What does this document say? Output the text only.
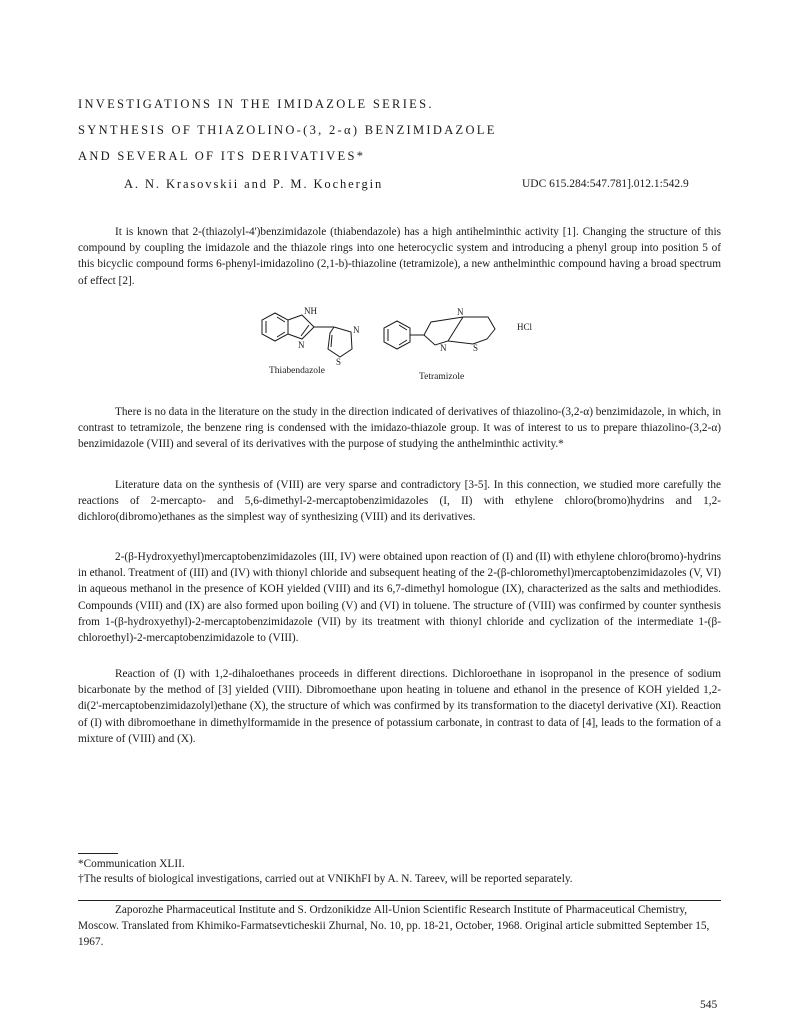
INVESTIGATIONS IN THE IMIDAZOLE SERIES.
SYNTHESIS OF THIAZOLINO-(3, 2-α) BENZIMIDAZOLE
AND SEVERAL OF ITS DERIVATIVES*
A. N. Krasovskii and P. M. Kochergin	UDC 615.284:547.781].012.1:542.9

It is known that 2-(thiazolyl-4')benzimidazole (thiabendazole) has a high antihelminthic activity [1]. Changing the structure of this compound by coupling the imidazole and the thiazole rings into one heterocyclic system and introducing a phenyl group into position 5 of this bicyclic compound forms 6-phenyl-imidazolino (2,1-b)-thiazoline (tetramizole), a new anthelminthic compound having a broad spectrum of effect [2].

NH
N
N
S
N
N	S
HCl
Thiabendazole
Tetramizole

There is no data in the literature on the study in the direction indicated of derivatives of thiazolino-(3,2-α) benzimidazole, in which, in contrast to tetramizole, the benzene ring is condensed with the imidazo-thiazole group. It was of interest to us to prepare thiazolino-(3,2-α) benzimidazole (VIII) and several of its derivatives with the purpose of studying the anthelminthic activity.*

Literature data on the synthesis of (VIII) are very sparse and contradictory [3-5]. In this connection, we studied more carefully the reactions of 2-mercapto- and 5,6-dimethyl-2-mercaptobenzimidazoles (I, II) with ethylene chloro(bromo)hydrins and 1,2-dichloro(dibromo)ethanes as the simplest way of synthesizing (VIII) and its derivatives.

2-(β-Hydroxyethyl)mercaptobenzimidazoles (III, IV) were obtained upon reaction of (I) and (II) with ethylene chloro(bromo)-hydrins in ethanol. Treatment of (III) and (IV) with thionyl chloride and subsequent heating of the 2-(β-chloromethyl)mercaptobenzimidazoles (V, VI) in aqueous methanol in the presence of KOH yielded (VIII) and its 6,7-dimethyl homologue (IX), characterized as the salts and methiodides. Compounds (VIII) and (IX) are also formed upon boiling (V) and (VI) in toluene. The structure of (VIII) was confirmed by counter synthesis from 1-(β-hydroxyethyl)-2-mercaptobenzimidazole (VII) by its treatment with thionyl chloride and cyclization of the intermediate 1-(β-chloroethyl)-2-mercaptobenzimidazole to (VIII).

Reaction of (I) with 1,2-dihaloethanes proceeds in different directions. Dichloroethane in isopropanol in the presence of sodium bicarbonate by the method of [3] yielded (VIII). Dibromoethane upon heating in toluene and ethanol in the presence of KOH yielded 1,2-di(2'-mercaptobenzimidazolyl)ethane (X), the structure of which was confirmed by its transformation to the diacetyl derivative (XI). Reaction of (I) with dibromoethane in dimethylformamide in the presence of potassium carbonate, in contrast to data of [4], leads to the formation of a mixture of (VIII) and (X).

*Communication XLII.

†The results of biological investigations, carried out at VNIKhFI by A. N. Tareev, will be reported separately.

Zaporozhe Pharmaceutical Institute and S. Ordzonikidzе All-Union Scientific Research Institute of Pharmaceutical Chemistry, Moscow. Translated from Khimiko-Farmatsevticheskii Zhurnal, No. 10, pp. 18-21, October, 1968. Original article submitted September 15, 1967.

545
